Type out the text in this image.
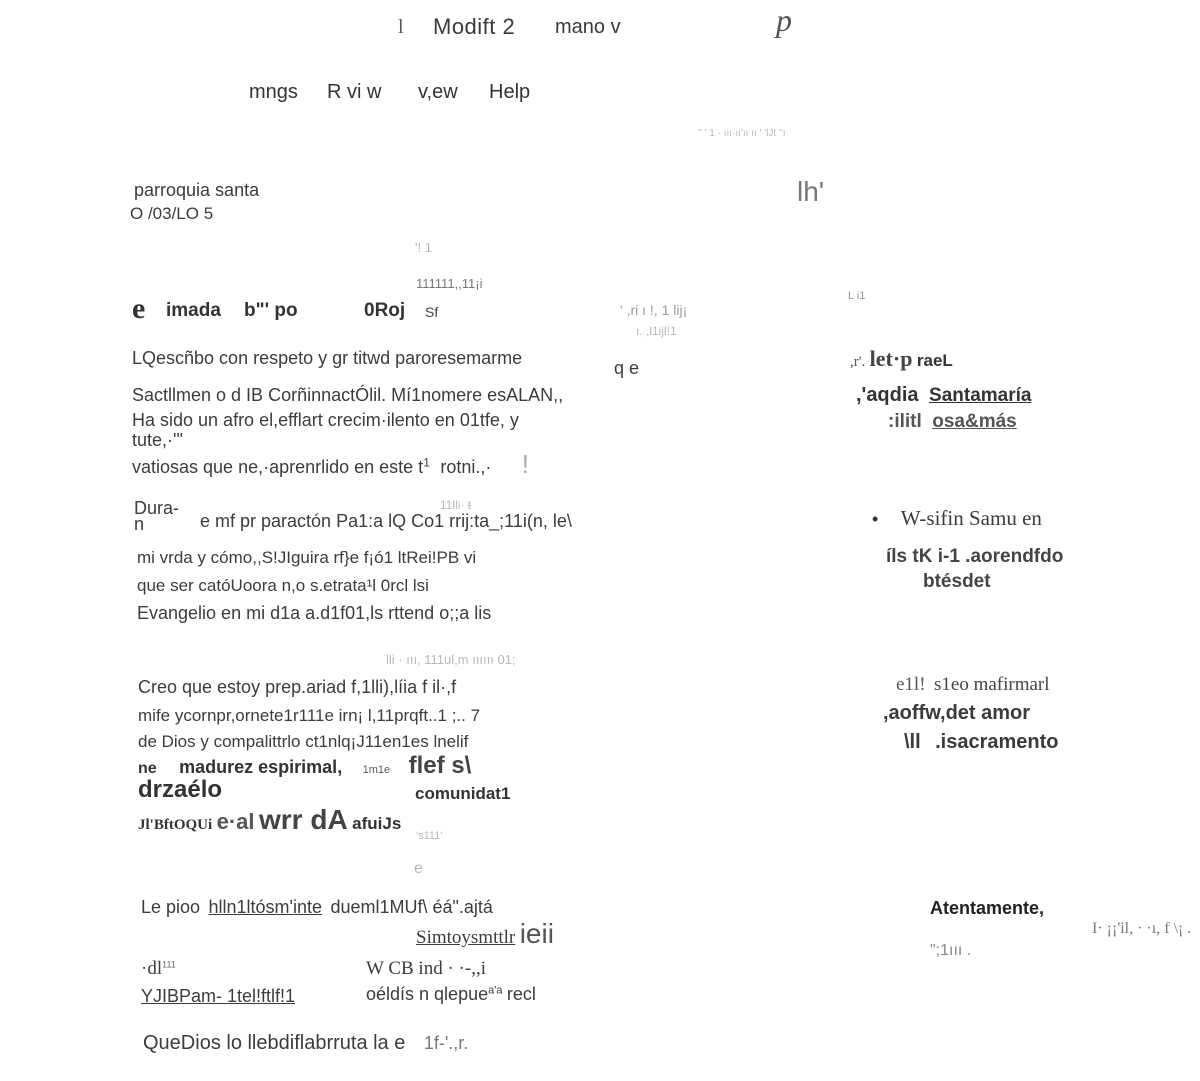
l Modift 2 mano v	p
mngs R vi w v,ew Help
parroquia santa
O /03/LO 5
lh'
'' ' 1 · ııı·ıı'ıı ıı ' 'lJt ''ı
'! 1
111111,,11¡i
' ,ri ı !, 1 lij¡
ı. ,l1ijl!1
L i1
11lli· ŧ
lli · ııı, 111ul,m ıııııı 01;
's111'
e
e imada b"' po	0Roj Sf
LQescñbo con respeto y gr titwd paroresemarme	q e
Sactllmen o d IB CorñinnactÓlil. Mí1nomere esALAN,,
Ha sido un afro el,efflart crecim·ilento en 01tfe, y
tute,·'"
vatiosas que ne,·aprenrlido en este $t^1$ rotni.,· !
Dura-
n	e mf pr paractón Pa1:a lQ Co1 rrij:ta_;11i(n, le\
mi vrda y cómo,,S!JIguira rf}e f¡ó1 ltRei!PB vi
que ser catóUoora n,o s.etrata¹l 0rcl lsi
Evangelio en mi d1a a.d1f01,ls rttend o;;a lis
Creo que estoy prep.ariad f,1lli),líia f il·,f
mife ycornpr,ornete1r111e irn¡ l,11prqft..1 ;.. 7
de Dios y compalittrlo ct1nlq¡J11en1es lnelif
ne madurez espirimal, 1m1e flef s\
drzaélo	comunidat1
Jl'BftOQUi e·al wrr dA afuiJs
Le pioo hlln1ltósm'inte dueml1MUf\ éá".ajtá
Simtoysmttlr ieii
$\cdot dl^{111}$	W CB ind · ·-,,i
YJIBPam- 1tel!ftlf!1	oéldís n qlepue$^{a'a}$ recl
QueDios lo llebdiflabrruta la e 1f-'.,r.
,r'. let·p raeL
,'aqdia Santamaría
:ilitl osa&más
• W-sifin Samu en
íls tK i-1 .aorendfdo
btésdet
e1l! s1eo mafirmarl
,aoffw,det amor
\ll .isacramento
Atentamente,
I· ¡¡'il, · ·ı, f \¡ .
";1ııı .
